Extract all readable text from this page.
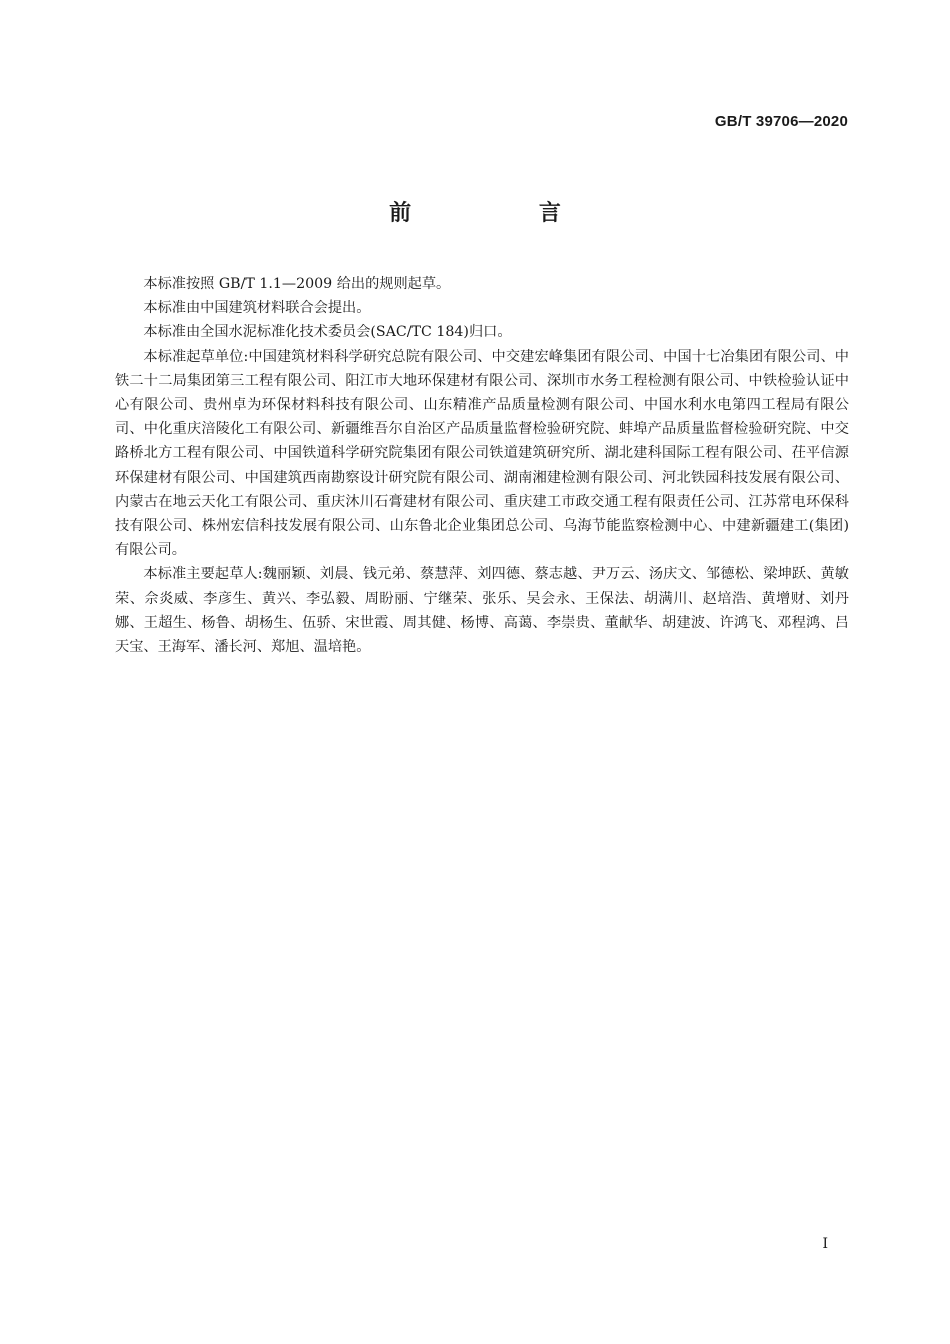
GB/T 39706—2020
前 言

本标准按照 GB/T 1.1—2009 给出的规则起草。

本标准由中国建筑材料联合会提出。

本标准由全国水泥标准化技术委员会(SAC/TC 184)归口。

本标准起草单位:中国建筑材料科学研究总院有限公司、中交建宏峰集团有限公司、中国十七冶集团有限公司、中铁二十二局集团第三工程有限公司、阳江市大地环保建材有限公司、深圳市水务工程检测有限公司、中铁检验认证中心有限公司、贵州卓为环保材料科技有限公司、山东精准产品质量检测有限公司、中国水利水电第四工程局有限公司、中化重庆涪陵化工有限公司、新疆维吾尔自治区产品质量监督检验研究院、蚌埠产品质量监督检验研究院、中交路桥北方工程有限公司、中国铁道科学研究院集团有限公司铁道建筑研究所、湖北建科国际工程有限公司、茌平信源环保建材有限公司、中国建筑西南勘察设计研究院有限公司、湖南湘建检测有限公司、河北铁园科技发展有限公司、内蒙古在地云天化工有限公司、重庆沐川石膏建材有限公司、重庆建工市政交通工程有限责任公司、江苏常电环保科技有限公司、株州宏信科技发展有限公司、山东鲁北企业集团总公司、乌海节能监察检测中心、中建新疆建工(集团)有限公司。

本标准主要起草人:魏丽颖、刘晨、钱元弟、蔡慧萍、刘四德、蔡志越、尹万云、汤庆文、邹德松、梁坤跃、黄敏荣、佘炎威、李彦生、黄兴、李弘毅、周盼丽、宁继荣、张乐、吴会永、王保法、胡满川、赵培浩、黄增财、刘丹娜、王超生、杨鲁、胡杨生、伍骄、宋世霞、周其健、杨博、高蔼、李崇贵、董献华、胡建波、许鸿飞、邓程鸿、吕天宝、王海军、潘长河、郑旭、温培艳。

I
